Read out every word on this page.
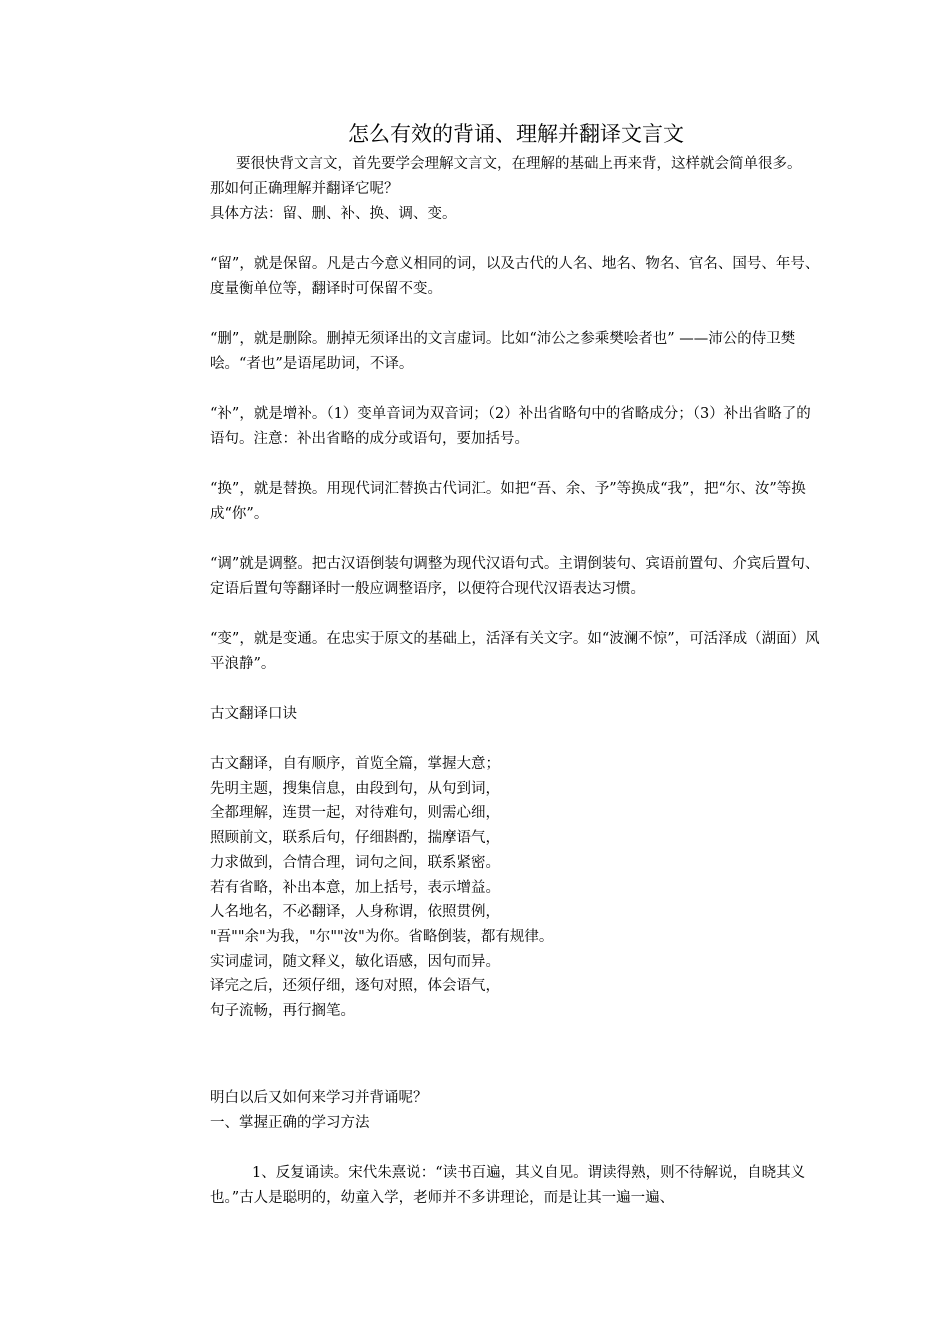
怎么有效的背诵、理解并翻译文言文

要很快背文言文，首先要学会理解文言文，在理解的基础上再来背，这样就会简单很多。

那如何正确理解并翻译它呢？

具体方法：留、删、补、换、调、变。

“留”，就是保留。凡是古今意义相同的词，以及古代的人名、地名、物名、官名、国号、年号、度量衡单位等，翻译时可保留不变。

“删”，就是删除。删掉无须译出的文言虚词。比如“沛公之参乘樊哙者也” ——沛公的侍卫樊哙。“者也”是语尾助词，不译。

“补”，就是增补。（1）变单音词为双音词；（2）补出省略句中的省略成分；（3）补出省略了的语句。注意：补出省略的成分或语句，要加括号。

“换”，就是替换。用现代词汇替换古代词汇。如把“吾、余、予”等换成“我”，把“尔、汝”等换成“你”。

“调”就是调整。把古汉语倒装句调整为现代汉语句式。主谓倒装句、宾语前置句、介宾后置句、定语后置句等翻译时一般应调整语序，以便符合现代汉语表达习惯。

“变”，就是变通。在忠实于原文的基础上，活泽有关文字。如“波澜不惊”，可活泽成（湖面）风平浪静”。

古文翻译口诀

古文翻译，自有顺序，首览全篇，掌握大意；

先明主题，搜集信息，由段到句，从句到词，

全都理解，连贯一起，对待难句，则需心细，

照顾前文，联系后句，仔细斟酌，揣摩语气，

力求做到，合情合理，词句之间，联系紧密。

若有省略，补出本意，加上括号，表示增益。

人名地名，不必翻译，人身称谓，依照贯例，

"吾""余"为我，"尔""汝"为你。省略倒装，都有规律。

实词虚词，随文释义，敏化语感，因句而异。

译完之后，还须仔细，逐句对照，体会语气，

句子流畅，再行搁笔。

明白以后又如何来学习并背诵呢？

一、掌握正确的学习方法

1、反复诵读。宋代朱熹说：“读书百遍，其义自见。谓读得熟，则不待解说，自晓其义也。”古人是聪明的，幼童入学，老师并不多讲理论，而是让其一遍一遍、
